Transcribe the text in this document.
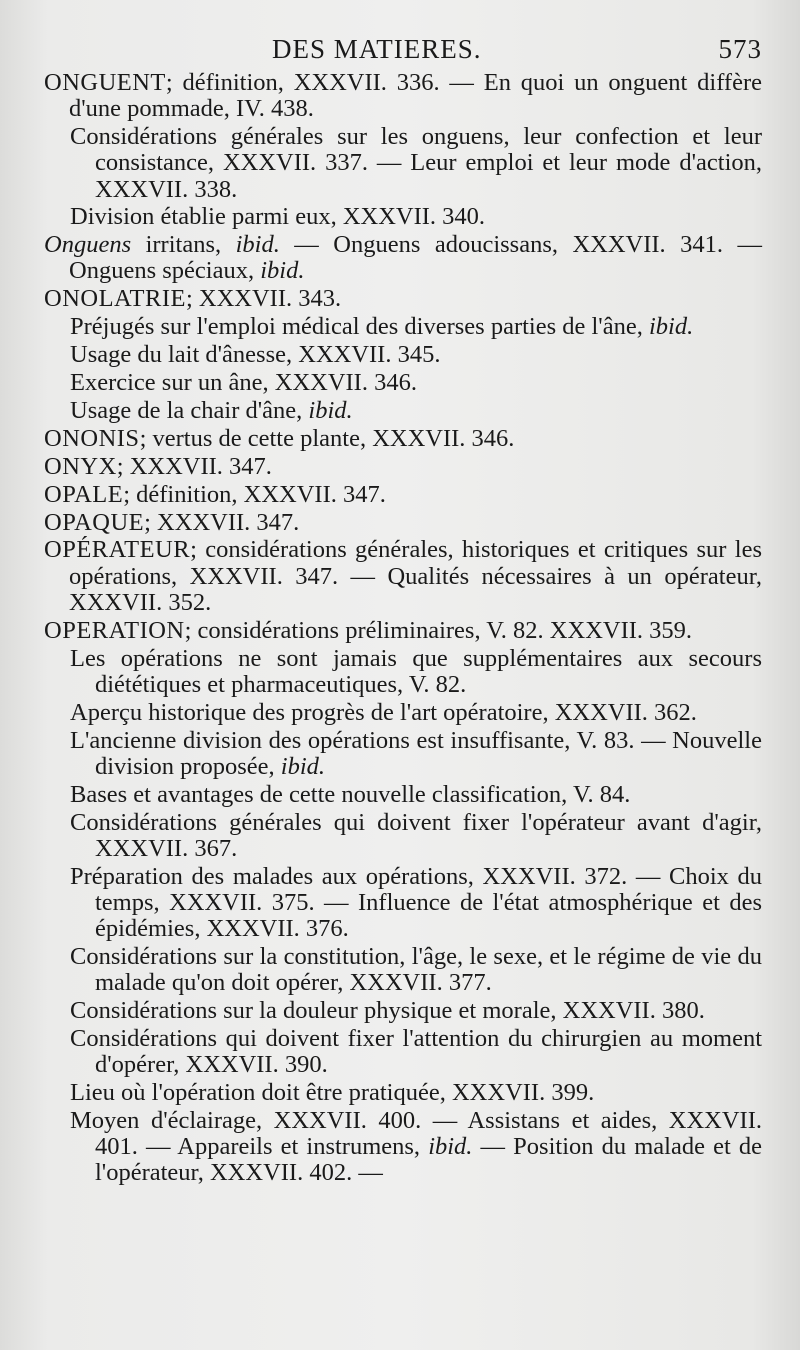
DES MATIERES.	573
ONGUENT; définition, XXXVII. 336. — En quoi un onguent diffère d'une pommade, IV. 438.
Considérations générales sur les onguens, leur confection et leur consistance, XXXVII. 337. — Leur emploi et leur mode d'action, XXXVII. 338.
Division établie parmi eux, XXXVII. 340.
Onguens irritans, ibid. — Onguens adoucissans, XXXVII. 341. — Onguens spéciaux, ibid.
ONOLATRIE; XXXVII. 343.
Préjugés sur l'emploi médical des diverses parties de l'âne, ibid.
Usage du lait d'ânesse, XXXVII. 345.
Exercice sur un âne, XXXVII. 346.
Usage de la chair d'âne, ibid.
ONONIS; vertus de cette plante, XXXVII. 346.
ONYX; XXXVII. 347.
OPALE; définition, XXXVII. 347.
OPAQUE; XXXVII. 347.
OPÉRATEUR; considérations générales, historiques et critiques sur les opérations, XXXVII. 347. — Qualités nécessaires à un opérateur, XXXVII. 352.
OPERATION; considérations préliminaires, V. 82. XXXVII. 359.
Les opérations ne sont jamais que supplémentaires aux secours diététiques et pharmaceutiques, V. 82.
Aperçu historique des progrès de l'art opératoire, XXXVII. 362.
L'ancienne division des opérations est insuffisante, V. 83. — Nouvelle division proposée, ibid.
Bases et avantages de cette nouvelle classification, V. 84.
Considérations générales qui doivent fixer l'opérateur avant d'agir, XXXVII. 367.
Préparation des malades aux opérations, XXXVII. 372. — Choix du temps, XXXVII. 375. — Influence de l'état atmosphérique et des épidémies, XXXVII. 376.
Considérations sur la constitution, l'âge, le sexe, et le régime de vie du malade qu'on doit opérer, XXXVII. 377.
Considérations sur la douleur physique et morale, XXXVII. 380.
Considérations qui doivent fixer l'attention du chirurgien au moment d'opérer, XXXVII. 390.
Lieu où l'opération doit être pratiquée, XXXVII. 399.
Moyen d'éclairage, XXXVII. 400. — Assistans et aides, XXXVII. 401. — Appareils et instrumens, ibid. — Position du malade et de l'opérateur, XXXVII. 402. —
